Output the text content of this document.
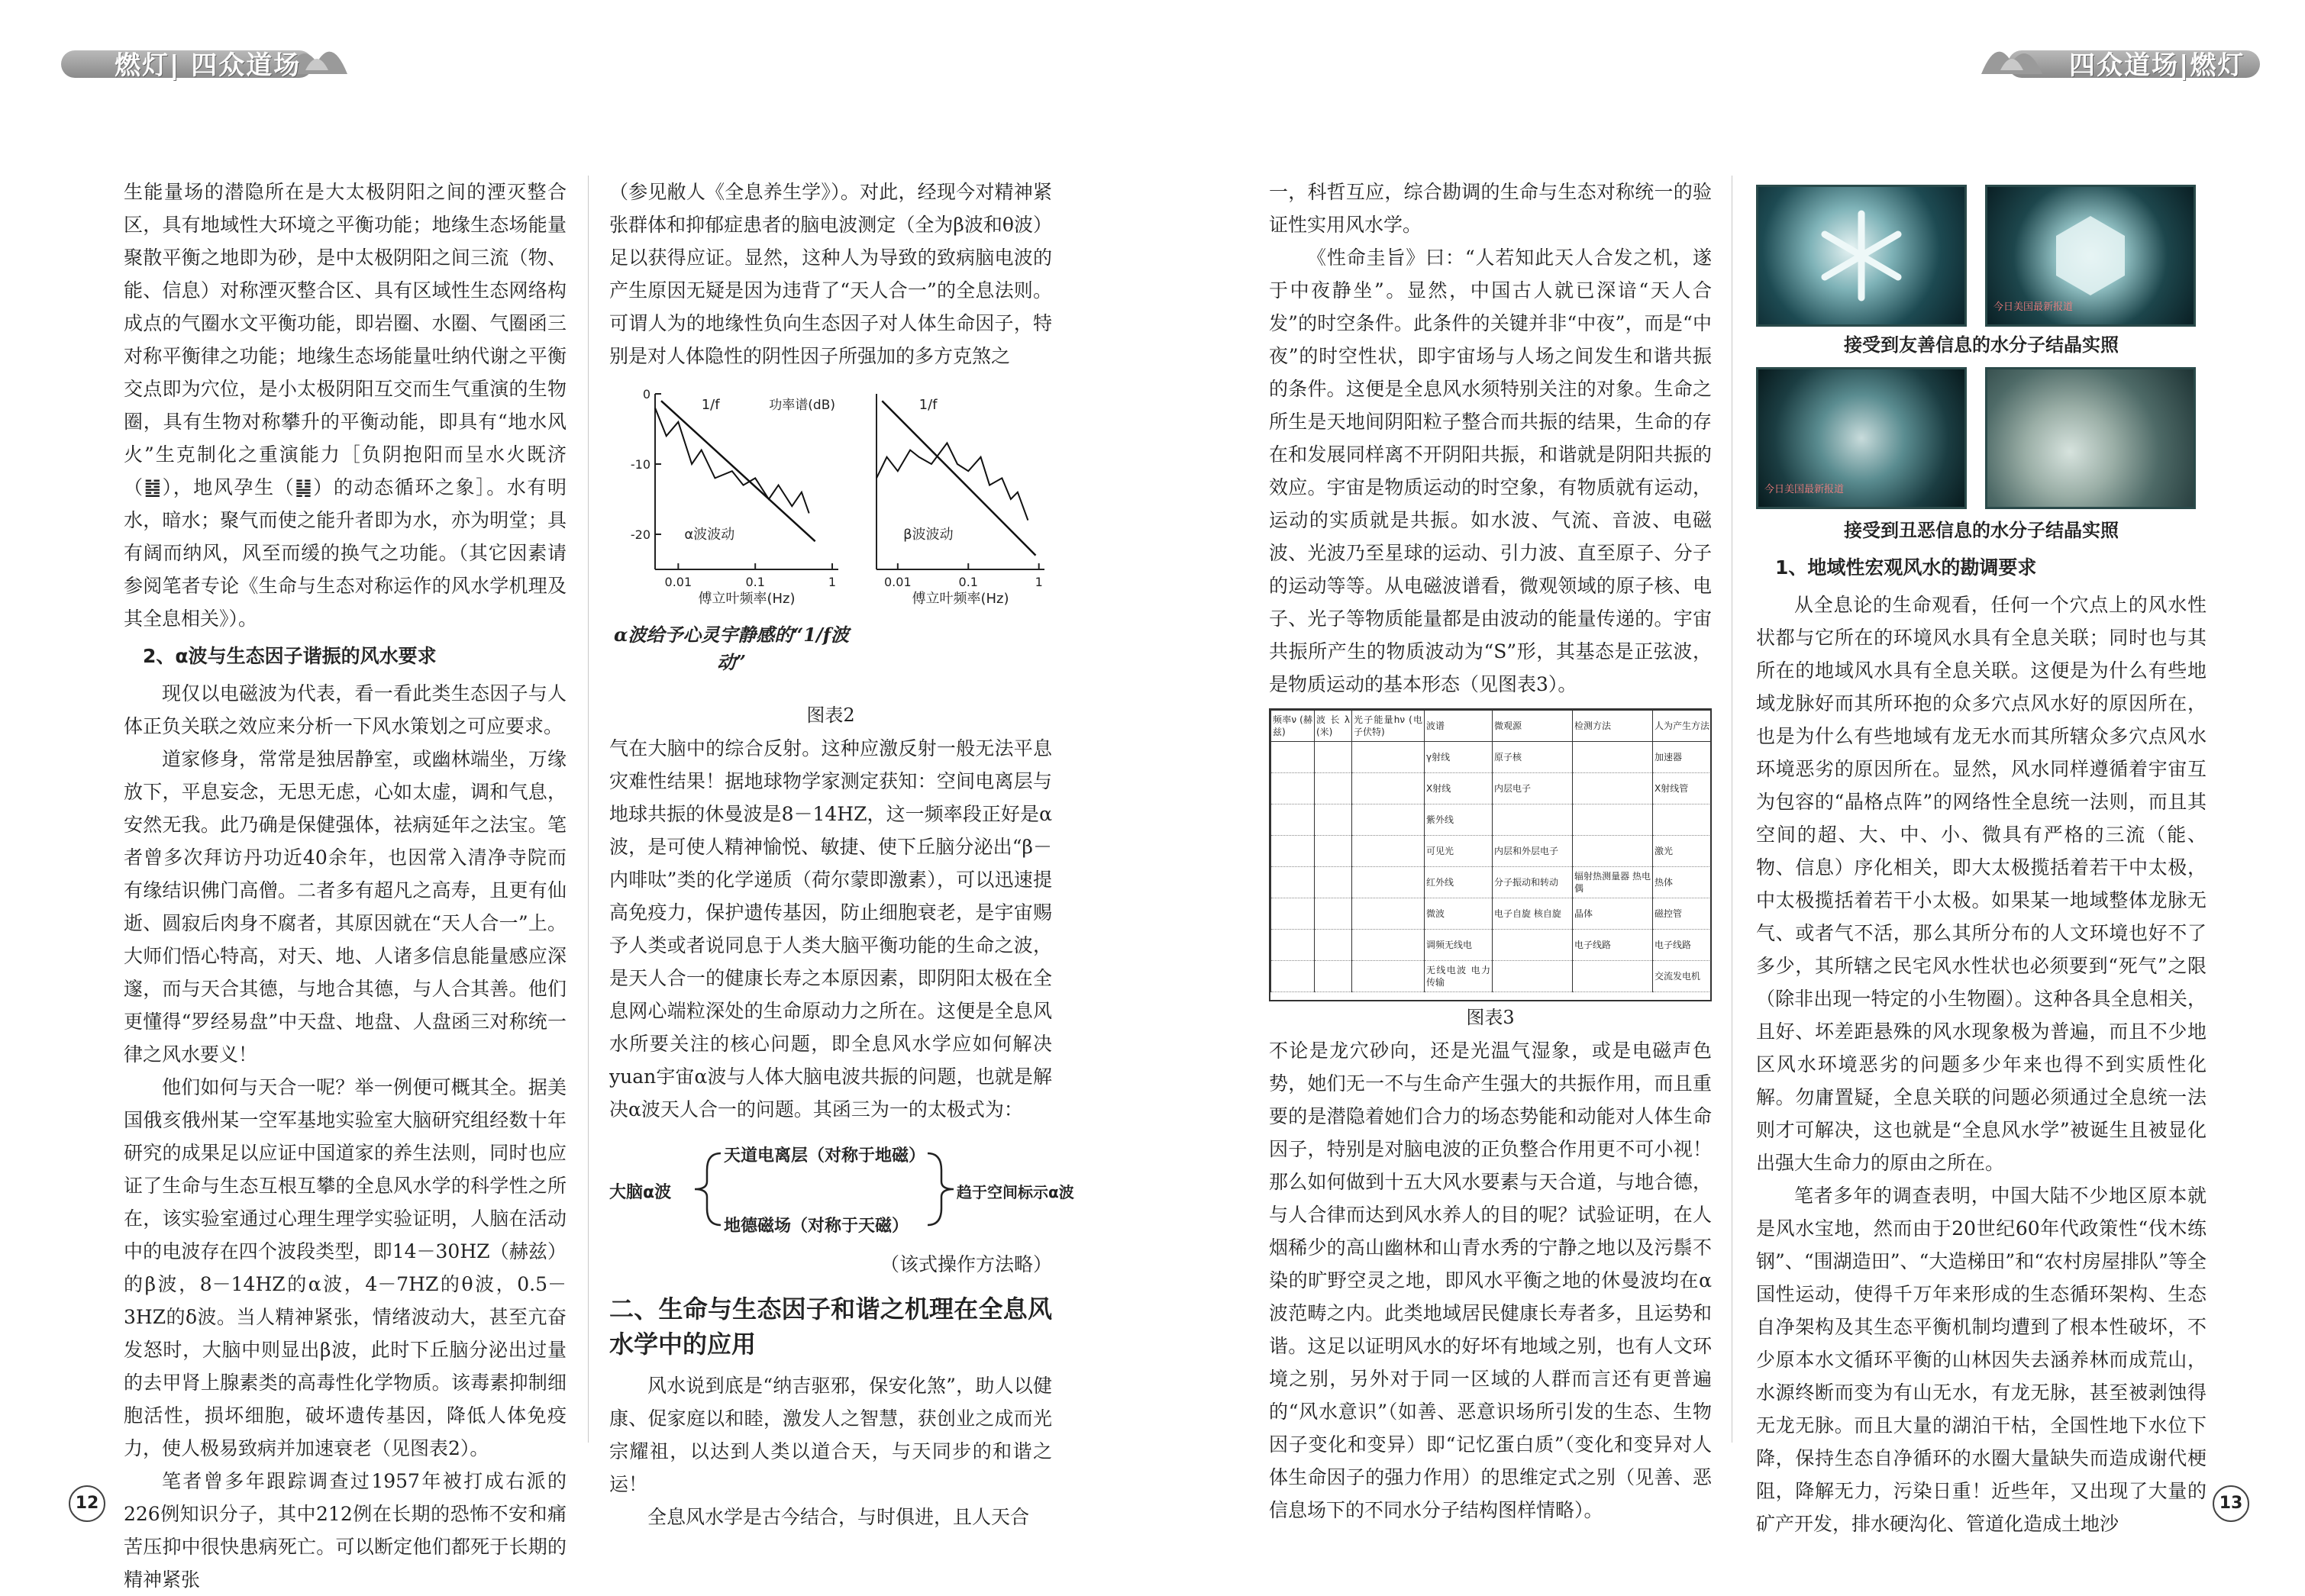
燃灯| 四众道场	四众道场|燃灯

生能量场的潜隐所在是大太极阴阳之间的湮灭整合区，具有地域性大环境之平衡功能；地缘生态场能量聚散平衡之地即为砂，是中太极阴阳之间三流（物、能、信息）对称湮灭整合区、具有区域性生态网络构成点的气圈水文平衡功能，即岩圈、水圈、气圈函三对称平衡律之功能；地缘生态场能量吐纳代谢之平衡交点即为穴位，是小太极阴阳互交而生气重演的生物圈，具有生物对称攀升的平衡动能，即具有“地水风火”生克制化之重演能力［负阴抱阳而呈水火既济（䷾），地风孕生（䷭）的动态循环之象］。水有明水，暗水；聚气而使之能升者即为水，亦为明堂；具有阔而纳风，风至而缓的换气之功能。（其它因素请参阅笔者专论《生命与生态对称运作的风水学机理及其全息相关》）。

2、α波与生态因子谐振的风水要求

现仅以电磁波为代表，看一看此类生态因子与人体正负关联之效应来分析一下风水策划之可应要求。

道家修身，常常是独居静室，或幽林端坐，万缘放下，平息妄念，无思无虑，心如太虚，调和气息，安然无我。此乃确是保健强体，祛病延年之法宝。笔者曾多次拜访丹功近40余年，也因常入清净寺院而有缘结识佛门高僧。二者多有超凡之高寿，且更有仙逝、圆寂后肉身不腐者，其原因就在“天人合一”上。大师们悟心特高，对天、地、人诸多信息能量感应深邃，而与天合其德，与地合其德，与人合其善。他们更懂得“罗经易盘”中天盘、地盘、人盘函三对称统一律之风水要义！

他们如何与天合一呢？举一例便可概其全。据美国俄亥俄州某一空军基地实验室大脑研究组经数十年研究的成果足以应证中国道家的养生法则，同时也应证了生命与生态互根互攀的全息风水学的科学性之所在，该实验室通过心理生理学实验证明，人脑在活动中的电波存在四个波段类型，即14－30HZ（赫兹）的β波，8－14HZ的α波，4－7HZ的θ波，0.5－3HZ的δ波。当人精神紧张，情绪波动大，甚至亢奋发怒时，大脑中则显出β波，此时下丘脑分泌出过量的去甲肾上腺素类的高毒性化学物质。该毒素抑制细胞活性，损坏细胞，破坏遗传基因，降低人体免疫力，使人极易致病并加速衰老（见图表2）。

笔者曾多年跟踪调查过1957年被打成右派的226例知识分子，其中212例在长期的恐怖不安和痛苦压抑中很快患病死亡。可以断定他们都死于长期的精神紧张

（参见敝人《全息养生学》）。对此，经现今对精神紧张群体和抑郁症患者的脑电波测定（全为β波和θ波）足以获得应证。显然，这种人为导致的致病脑电波的产生原因无疑是因为违背了“天人合一”的全息法则。可谓人为的地缘性负向生态因子对人体生命因子，特别是对人体隐性的阴性因子所强加的多方克煞之

0.01	0.1	1
0
-10
-20
1/f
α波波动
傅立叶频率(Hz)
功率谱(dB)
0.01	0.1	1
1/f
β波波动
傅立叶频率(Hz)
α波给予心灵宇静感的“1/f波动”

图表2

气在大脑中的综合反射。这种应激反射一般无法平息灾难性结果！据地球物学家测定获知：空间电离层与地球共振的休曼波是8－14HZ，这一频率段正好是α波，是可使人精神愉悦、敏捷、使下丘脑分泌出“β－内啡呔”类的化学递质（荷尔蒙即激素），可以迅速提高免疫力，保护遗传基因，防止细胞衰老，是宇宙赐予人类或者说同息于人类大脑平衡功能的生命之波，是天人合一的健康长寿之本原因素，即阴阳太极在全息网心端粒深处的生命原动力之所在。这便是全息风水所要关注的核心问题，即全息风水学应如何解决yuan宇宙α波与人体大脑电波共振的问题，也就是解决α波天人合一的问题。其函三为一的太极式为：

大脑α波
天道电离层（对称于地磁）
地德磁场（对称于天磁）
趋于空间标示α波

（该式操作方法略）

二、生命与生态因子和谐之机理在全息风水学中的应用

风水说到底是“纳吉驱邪，保安化煞”，助人以健康、促家庭以和睦，激发人之智慧，获创业之成而光宗耀祖，以达到人类以道合天，与天同步的和谐之运！

全息风水学是古今结合，与时俱进，且人天合

一，科哲互应，综合勘调的生命与生态对称统一的验证性实用风水学。

《性命圭旨》曰：“人若知此天人合发之机，遂于中夜静坐”。显然，中国古人就已深谙“天人合发”的时空条件。此条件的关键并非“中夜”，而是“中夜”的时空性状，即宇宙场与人场之间发生和谐共振的条件。这便是全息风水须特别关注的对象。生命之所生是天地间阴阳粒子整合而共振的结果，生命的存在和发展同样离不开阴阳共振，和谐就是阴阳共振的效应。宇宙是物质运动的时空象，有物质就有运动，运动的实质就是共振。如水波、气流、音波、电磁波、光波乃至星球的运动、引力波、直至原子、分子的运动等等。从电磁波谱看，微观领域的原子核、电子、光子等物质能量都是由波动的能量传递的。宇宙共振所产生的物质波动为“S”形，其基态是正弦波，是物质运动的基本形态（见图表3）。

频率ν (赫兹)	波长λ (米)	光子能量hν (电子伏特)	波谱	微观源	检测方法	人为产生方法
			γ射线	原子核		加速器
			X射线	内层电子		X射线管
			紫外线			
			可见光	内层和外层电子		激光
			红外线	分子振动和转动	辐射热测量器 热电偶	热体
			微波	电子自旋 核自旋	晶体	磁控管
			调频无线电		电子线路	电子线路
			无线电波 电力传输			交流发电机

图表3

不论是龙穴砂向，还是光温气湿象，或是电磁声色势，她们无一不与生命产生强大的共振作用，而且重要的是潜隐着她们合力的场态势能和动能对人体生命因子，特别是对脑电波的正负整合作用更不可小视！那么如何做到十五大风水要素与天合道，与地合德，与人合律而达到风水养人的目的呢？试验证明，在人烟稀少的高山幽林和山青水秀的宁静之地以及污鬃不染的旷野空灵之地，即风水平衡之地的休曼波均在α波范畴之内。此类地域居民健康长寿者多，且运势和谐。这足以证明风水的好坏有地域之别，也有人文环境之别，另外对于同一区域的人群而言还有更普遍的“风水意识”（如善、恶意识场所引发的生态、生物因子变化和变异）即“记忆蛋白质”（变化和变异对人体生命因子的强力作用）的思维定式之别（见善、恶信息场下的不同水分子结构图样情略）。

今日美国最新报道

接受到友善信息的水分子结晶实照

今日美国最新报道

接受到丑恶信息的水分子结晶实照

1、地域性宏观风水的勘调要求

从全息论的生命观看，任何一个穴点上的风水性状都与它所在的环境风水具有全息关联；同时也与其所在的地域风水具有全息关联。这便是为什么有些地域龙脉好而其所环抱的众多穴点风水好的原因所在，也是为什么有些地域有龙无水而其所辖众多穴点风水环境恶劣的原因所在。显然，风水同样遵循着宇宙互为包容的“晶格点阵”的网络性全息统一法则，而且其空间的超、大、中、小、微具有严格的三流（能、物、信息）序化相关，即大太极揽括着若干中太极，中太极揽括着若干小太极。如果某一地域整体龙脉无气、或者气不活，那么其所分布的人文环境也好不了多少，其所辖之民宅风水性状也必须要到“死气”之限（除非出现一特定的小生物圈）。这种各具全息相关，且好、坏差距悬殊的风水现象极为普遍，而且不少地区风水环境恶劣的问题多少年来也得不到实质性化解。勿庸置疑，全息关联的问题必须通过全息统一法则才可解决，这也就是“全息风水学”被诞生且被显化出强大生命力的原由之所在。

笔者多年的调查表明，中国大陆不少地区原本就是风水宝地，然而由于20世纪60年代政策性“伐木练钢”、“围湖造田”、“大造梯田”和“农村房屋排队”等全国性运动，使得千万年来形成的生态循环架构、生态自净架构及其生态平衡机制均遭到了根本性破坏，不少原本水文循环平衡的山林因失去涵养林而成荒山，水源终断而变为有山无水，有龙无脉，甚至被剥蚀得无龙无脉。而且大量的湖泊干枯，全国性地下水位下降，保持生态自净循环的水圈大量缺失而造成谢代梗阻，降解无力，污染日重！近些年，又出现了大量的矿产开发，排水硬沟化、管道化造成土地沙

12	13
